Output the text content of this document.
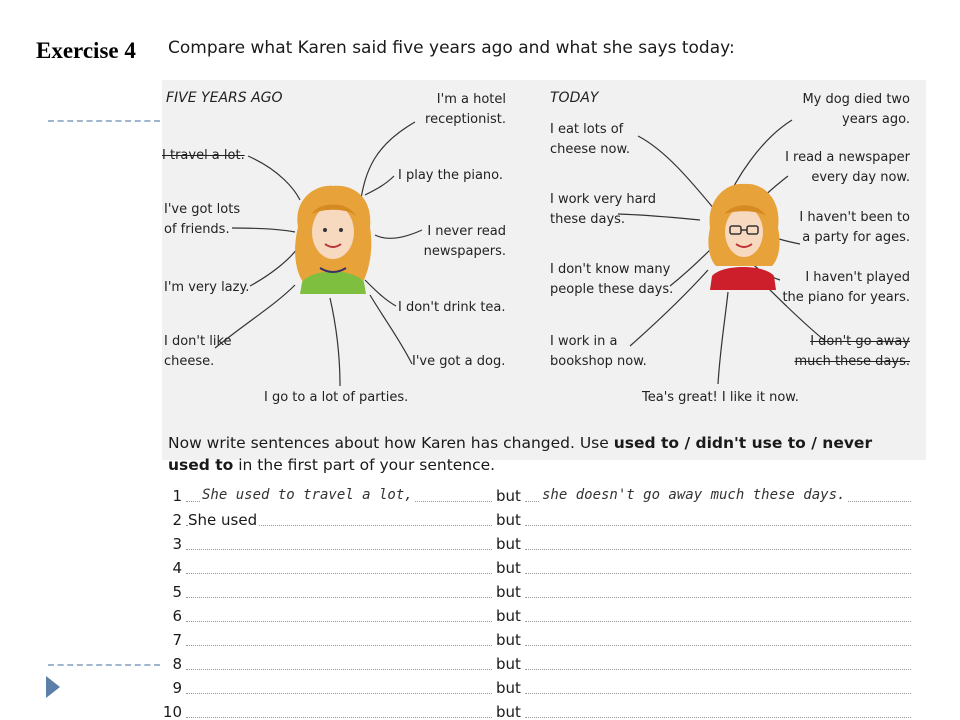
Exercise 4 Compare what Karen said five years ago and what she says today:
FIVE YEARS AGO	TODAY
I travel a lot.
I'm a hotel receptionist.
I play the piano.
I've got lots of friends.	I never read newspapers.
I'm very lazy.
I don't drink tea.
I don't like cheese.	I've got a dog.
I go to a lot of parties.
I eat lots of cheese now.
My dog died two years ago.
I read a newspaper every day now.
I work very hard these days.	I haven't been to a party for ages.
I don't know many people these days.
I haven't played the piano for years.
I work in a bookshop now.
I don't go away much these days.
Tea's great! I like it now.
Now write sentences about how Karen has changed. Use used to / didn't use to / never used to in the first part of your sentence.
1 She used to travel a lot,	but she doesn't go away much these days.
2 She used	but
3	but
4	but
5	but
6	but
7	but
8	but
9	but
10	but
